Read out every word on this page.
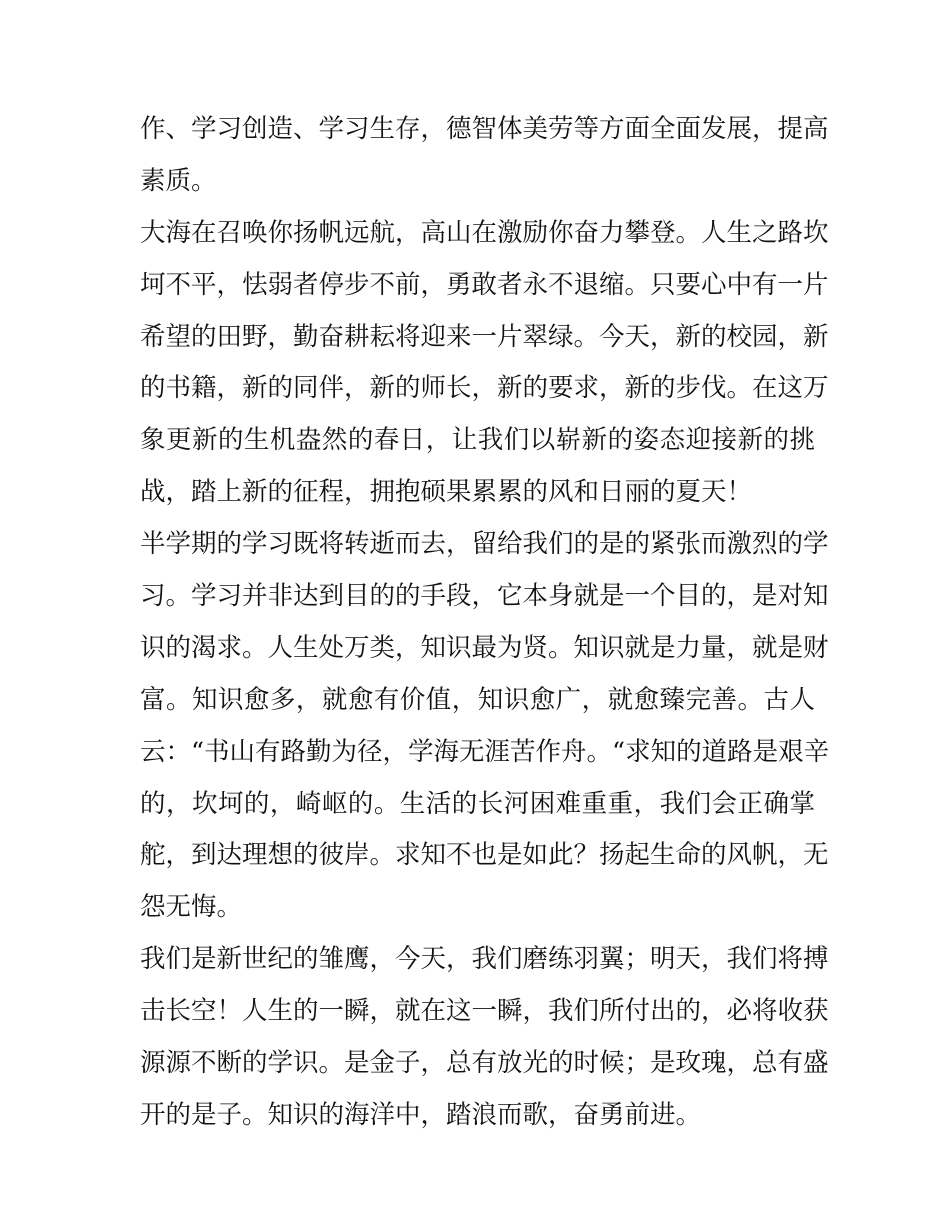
作、学习创造、学习生存，德智体美劳等方面全面发展，提高
素质。
大海在召唤你扬帆远航，高山在激励你奋力攀登。人生之路坎
坷不平，怯弱者停步不前，勇敢者永不退缩。只要心中有一片
希望的田野，勤奋耕耘将迎来一片翠绿。今天，新的校园，新
的书籍，新的同伴，新的师长，新的要求，新的步伐。在这万
象更新的生机盎然的春日，让我们以崭新的姿态迎接新的挑
战，踏上新的征程，拥抱硕果累累的风和日丽的夏天！
半学期的学习既将转逝而去，留给我们的是的紧张而激烈的学
习。学习并非达到目的的手段，它本身就是一个目的，是对知
识的渴求。人生处万类，知识最为贤。知识就是力量，就是财
富。知识愈多，就愈有价值，知识愈广，就愈臻完善。古人
云：“书山有路勤为径，学海无涯苦作舟。“求知的道路是艰辛
的，坎坷的，崎岖的。生活的长河困难重重，我们会正确掌
舵，到达理想的彼岸。求知不也是如此？扬起生命的风帆，无
怨无悔。
我们是新世纪的雏鹰，今天，我们磨练羽翼；明天，我们将搏
击长空！人生的一瞬，就在这一瞬，我们所付出的，必将收获
源源不断的学识。是金子，总有放光的时候；是玫瑰，总有盛
开的是子。知识的海洋中，踏浪而歌，奋勇前进。
